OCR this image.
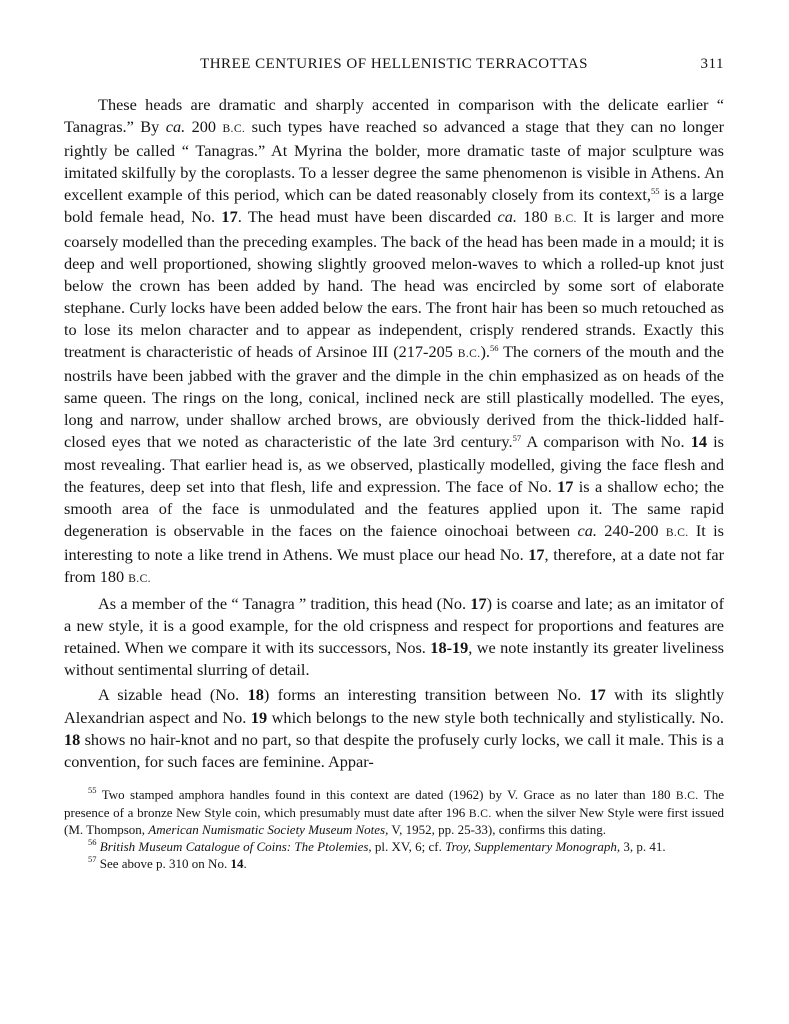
THREE CENTURIES OF HELLENISTIC TERRACOTTAS	311

These heads are dramatic and sharply accented in comparison with the delicate earlier “ Tanagras.” By ca. 200 B.C. such types have reached so advanced a stage that they can no longer rightly be called “ Tanagras.” At Myrina the bolder, more dramatic taste of major sculpture was imitated skilfully by the coroplasts. To a lesser degree the same phenomenon is visible in Athens. An excellent example of this period, which can be dated reasonably closely from its context,$^{55}$ is a large bold female head, No. 17. The head must have been discarded ca. 180 B.C. It is larger and more coarsely modelled than the preceding examples. The back of the head has been made in a mould; it is deep and well proportioned, showing slightly grooved melon-waves to which a rolled-up knot just below the crown has been added by hand. The head was encircled by some sort of elaborate stephane. Curly locks have been added below the ears. The front hair has been so much retouched as to lose its melon character and to appear as independent, crisply rendered strands. Exactly this treatment is characteristic of heads of Arsinoe III (217-205 B.C.).$^{56}$ The corners of the mouth and the nostrils have been jabbed with the graver and the dimple in the chin emphasized as on heads of the same queen. The rings on the long, conical, inclined neck are still plastically modelled. The eyes, long and narrow, under shallow arched brows, are obviously derived from the thick-lidded half-closed eyes that we noted as characteristic of the late 3rd century.$^{57}$ A comparison with No. 14 is most revealing. That earlier head is, as we observed, plastically modelled, giving the face flesh and the features, deep set into that flesh, life and expression. The face of No. 17 is a shallow echo; the smooth area of the face is unmodulated and the features applied upon it. The same rapid degeneration is observable in the faces on the faience oinochoai between ca. 240-200 B.C. It is interesting to note a like trend in Athens. We must place our head No. 17, therefore, at a date not far from 180 B.C.

As a member of the “ Tanagra ” tradition, this head (No. 17) is coarse and late; as an imitator of a new style, it is a good example, for the old crispness and respect for proportions and features are retained. When we compare it with its successors, Nos. 18-19, we note instantly its greater liveliness without sentimental slurring of detail.

A sizable head (No. 18) forms an interesting transition between No. 17 with its slightly Alexandrian aspect and No. 19 which belongs to the new style both technically and stylistically. No. 18 shows no hair-knot and no part, so that despite the profusely curly locks, we call it male. This is a convention, for such faces are feminine. Appar-

$^{55}$ Two stamped amphora handles found in this context are dated (1962) by V. Grace as no later than 180 B.C. The presence of a bronze New Style coin, which presumably must date after 196 B.C. when the silver New Style were first issued (M. Thompson, American Numismatic Society Museum Notes, V, 1952, pp. 25-33), confirms this dating.

$^{56}$ British Museum Catalogue of Coins: The Ptolemies, pl. XV, 6; cf. Troy, Supplementary Monograph, 3, p. 41.

$^{57}$ See above p. 310 on No. 14.
